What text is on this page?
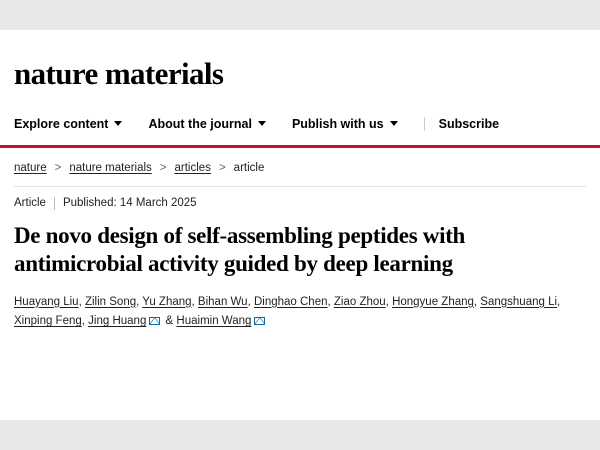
nature materials
Explore content	About the journal	Publish with us	Subscribe
nature > nature materials > articles > article
Article Published: 14 March 2025
De novo design of self-assembling peptides with antimicrobial activity guided by deep learning
Huayang Liu, Zilin Song, Yu Zhang, Bihan Wu, Dinghao Chen, Ziao Zhou, Hongyue Zhang, Sangshuang Li, Xinping Feng, Jing Huang & Huaimin Wang
